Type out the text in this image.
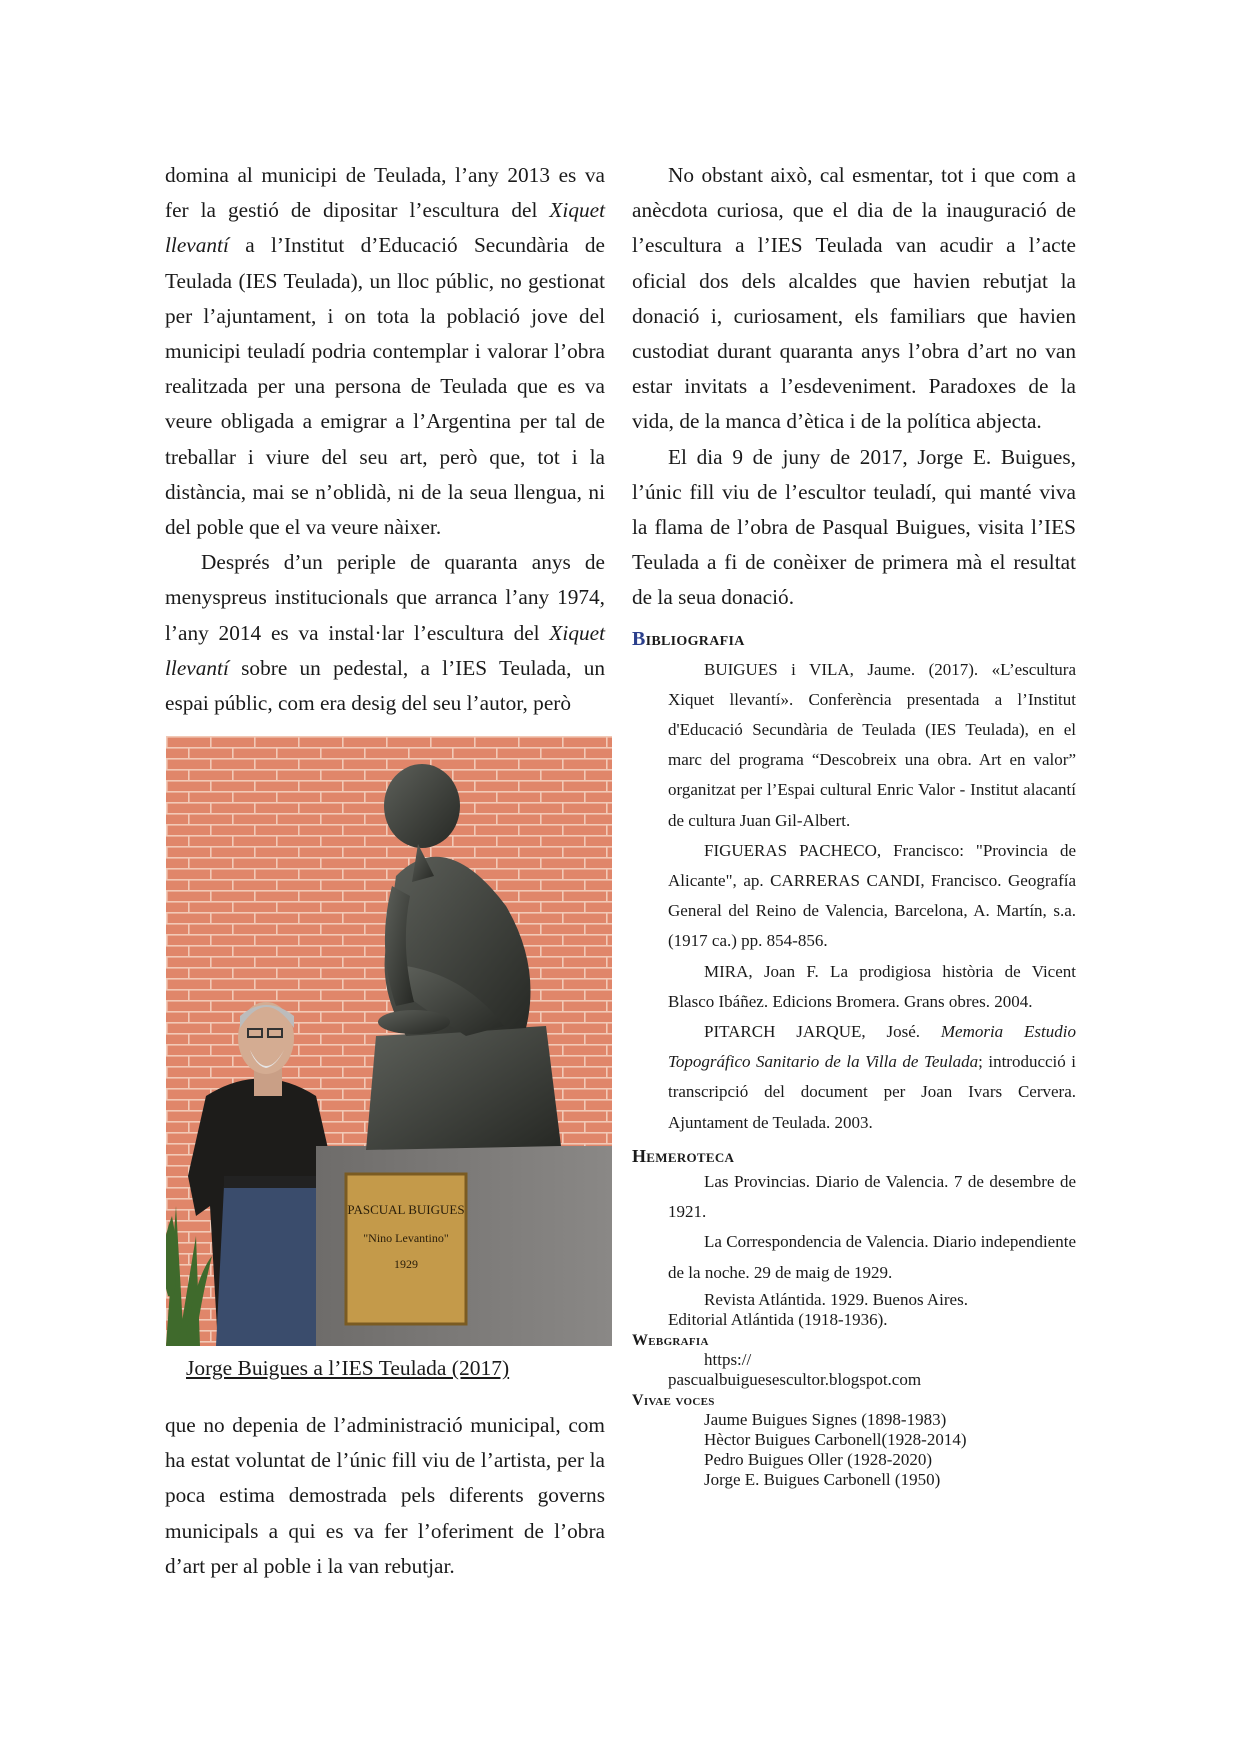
domina al municipi de Teulada, l’any 2013 es va fer la gestió de dipositar l’escultura del Xiquet llevantí a l’Institut d’Educació Secundària de Teulada (IES Teulada), un lloc públic, no gestionat per l’ajuntament, i on tota la població jove del municipi teuladí podria contemplar i valorar l’obra realitzada per una persona de Teulada que es va veure obligada a emigrar a l’Argentina per tal de treballar i viure del seu art, però que, tot i la distància, mai se n’oblidà, ni de la seua llengua, ni del poble que el va veure nàixer.
Després d’un periple de quaranta anys de menyspreus institucionals que arranca l’any 1974, l’any 2014 es va instal·lar l’escultura del Xiquet llevantí sobre un pedestal, a l’IES Teulada, un espai públic, com era desig del seu l’autor, però
PASCUAL BUIGUES
"Nino Levantino"
1929

Jorge Buigues a l’IES Teulada (2017)

que no depenia de l’administració municipal, com ha estat voluntat de l’únic fill viu de l’artista, per la poca estima demostrada pels diferents governs municipals a qui es va fer l’oferiment de l’obra d’art per al poble i la van rebutjar.

No obstant això, cal esmentar, tot i que com a anècdota curiosa, que el dia de la inauguració de l’escultura a l’IES Teulada van acudir a l’acte oficial dos dels alcaldes que havien rebutjat la donació i, curiosament, els familiars que havien custodiat durant quaranta anys l’obra d’art no van estar invitats a l’esdeveniment. Paradoxes de la vida, de la manca d’ètica i de la política abjecta.

El dia 9 de juny de 2017, Jorge E. Buigues, l’únic fill viu de l’escultor teuladí, qui manté viva la flama de l’obra de Pasqual Buigues, visita l’IES Teulada a fi de conèixer de primera mà el resultat de la seua donació.

Bibliografia

BUIGUES i VILA, Jaume. (2017). «L’escultura Xiquet llevantí». Conferència presentada a l’Institut d'Educació Secundària de Teulada (IES Teulada), en el marc del programa “Descobreix una obra. Art en valor” organitzat per l’Espai cultural Enric Valor - Institut alacantí de cultura Juan Gil-Albert.

FIGUERAS PACHECO, Francisco: "Provincia de Alicante", ap. CARRERAS CANDI, Francisco. Geografía General del Reino de Valencia, Barcelona, A. Martín, s.a. (1917 ca.) pp. 854-856.

MIRA, Joan F. La prodigiosa història de Vicent Blasco Ibáñez. Edicions Bromera. Grans obres. 2004.

PITARCH JARQUE, José. Memoria Estudio Topográfico Sanitario de la Villa de Teulada; introducció i transcripció del document per Joan Ivars Cervera. Ajuntament de Teulada. 2003.

Hemeroteca

Las Provincias. Diario de Valencia. 7 de desembre de 1921.

La Correspondencia de Valencia. Diario independiente de la noche. 29 de maig de 1929.

Revista Atlántida. 1929. Buenos Aires.

Editorial Atlántida (1918-1936).

Webgrafia

https://

pascualbuiguesescultor.blogspot.com

Vivae voces

Jaume Buigues Signes (1898-1983)

Hèctor Buigues Carbonell(1928-2014)

Pedro Buigues Oller (1928-2020)

Jorge E. Buigues Carbonell (1950)
